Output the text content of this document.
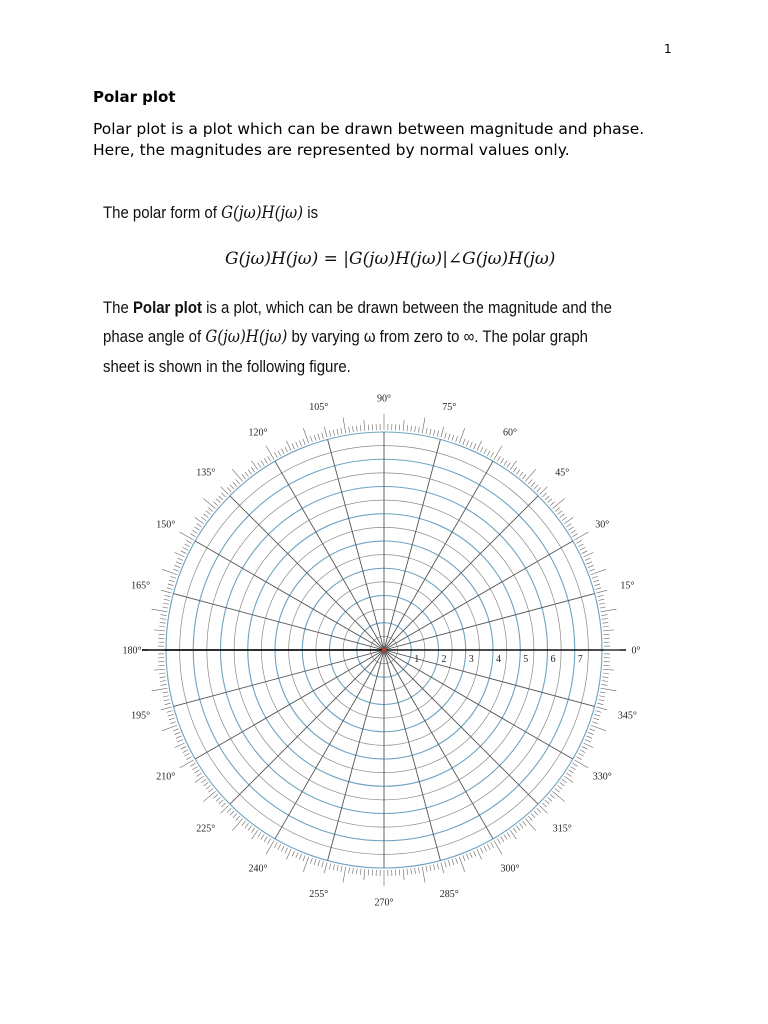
1
Polar plot
Polar plot is a plot which can be drawn between magnitude and phase. Here, the magnitudes are represented by normal values only.
The polar form of G(jω)H(jω) is
G(jω)H(jω) = |G(jω)H(jω)|∠G(jω)H(jω)
The Polar plot is a plot, which can be drawn between the magnitude and the
phase angle of G(jω)H(jω) by varying ω from zero to ∞. The polar graph
sheet is shown in the following figure.
0°
15°
30°
45°
60°
75°
90°
105°
120°
135°
150°
165°
180°
195°
210°
225°
240°
255°
270°
285°
300°
315°
330°
345°
1 2 3 4 5 6 7
